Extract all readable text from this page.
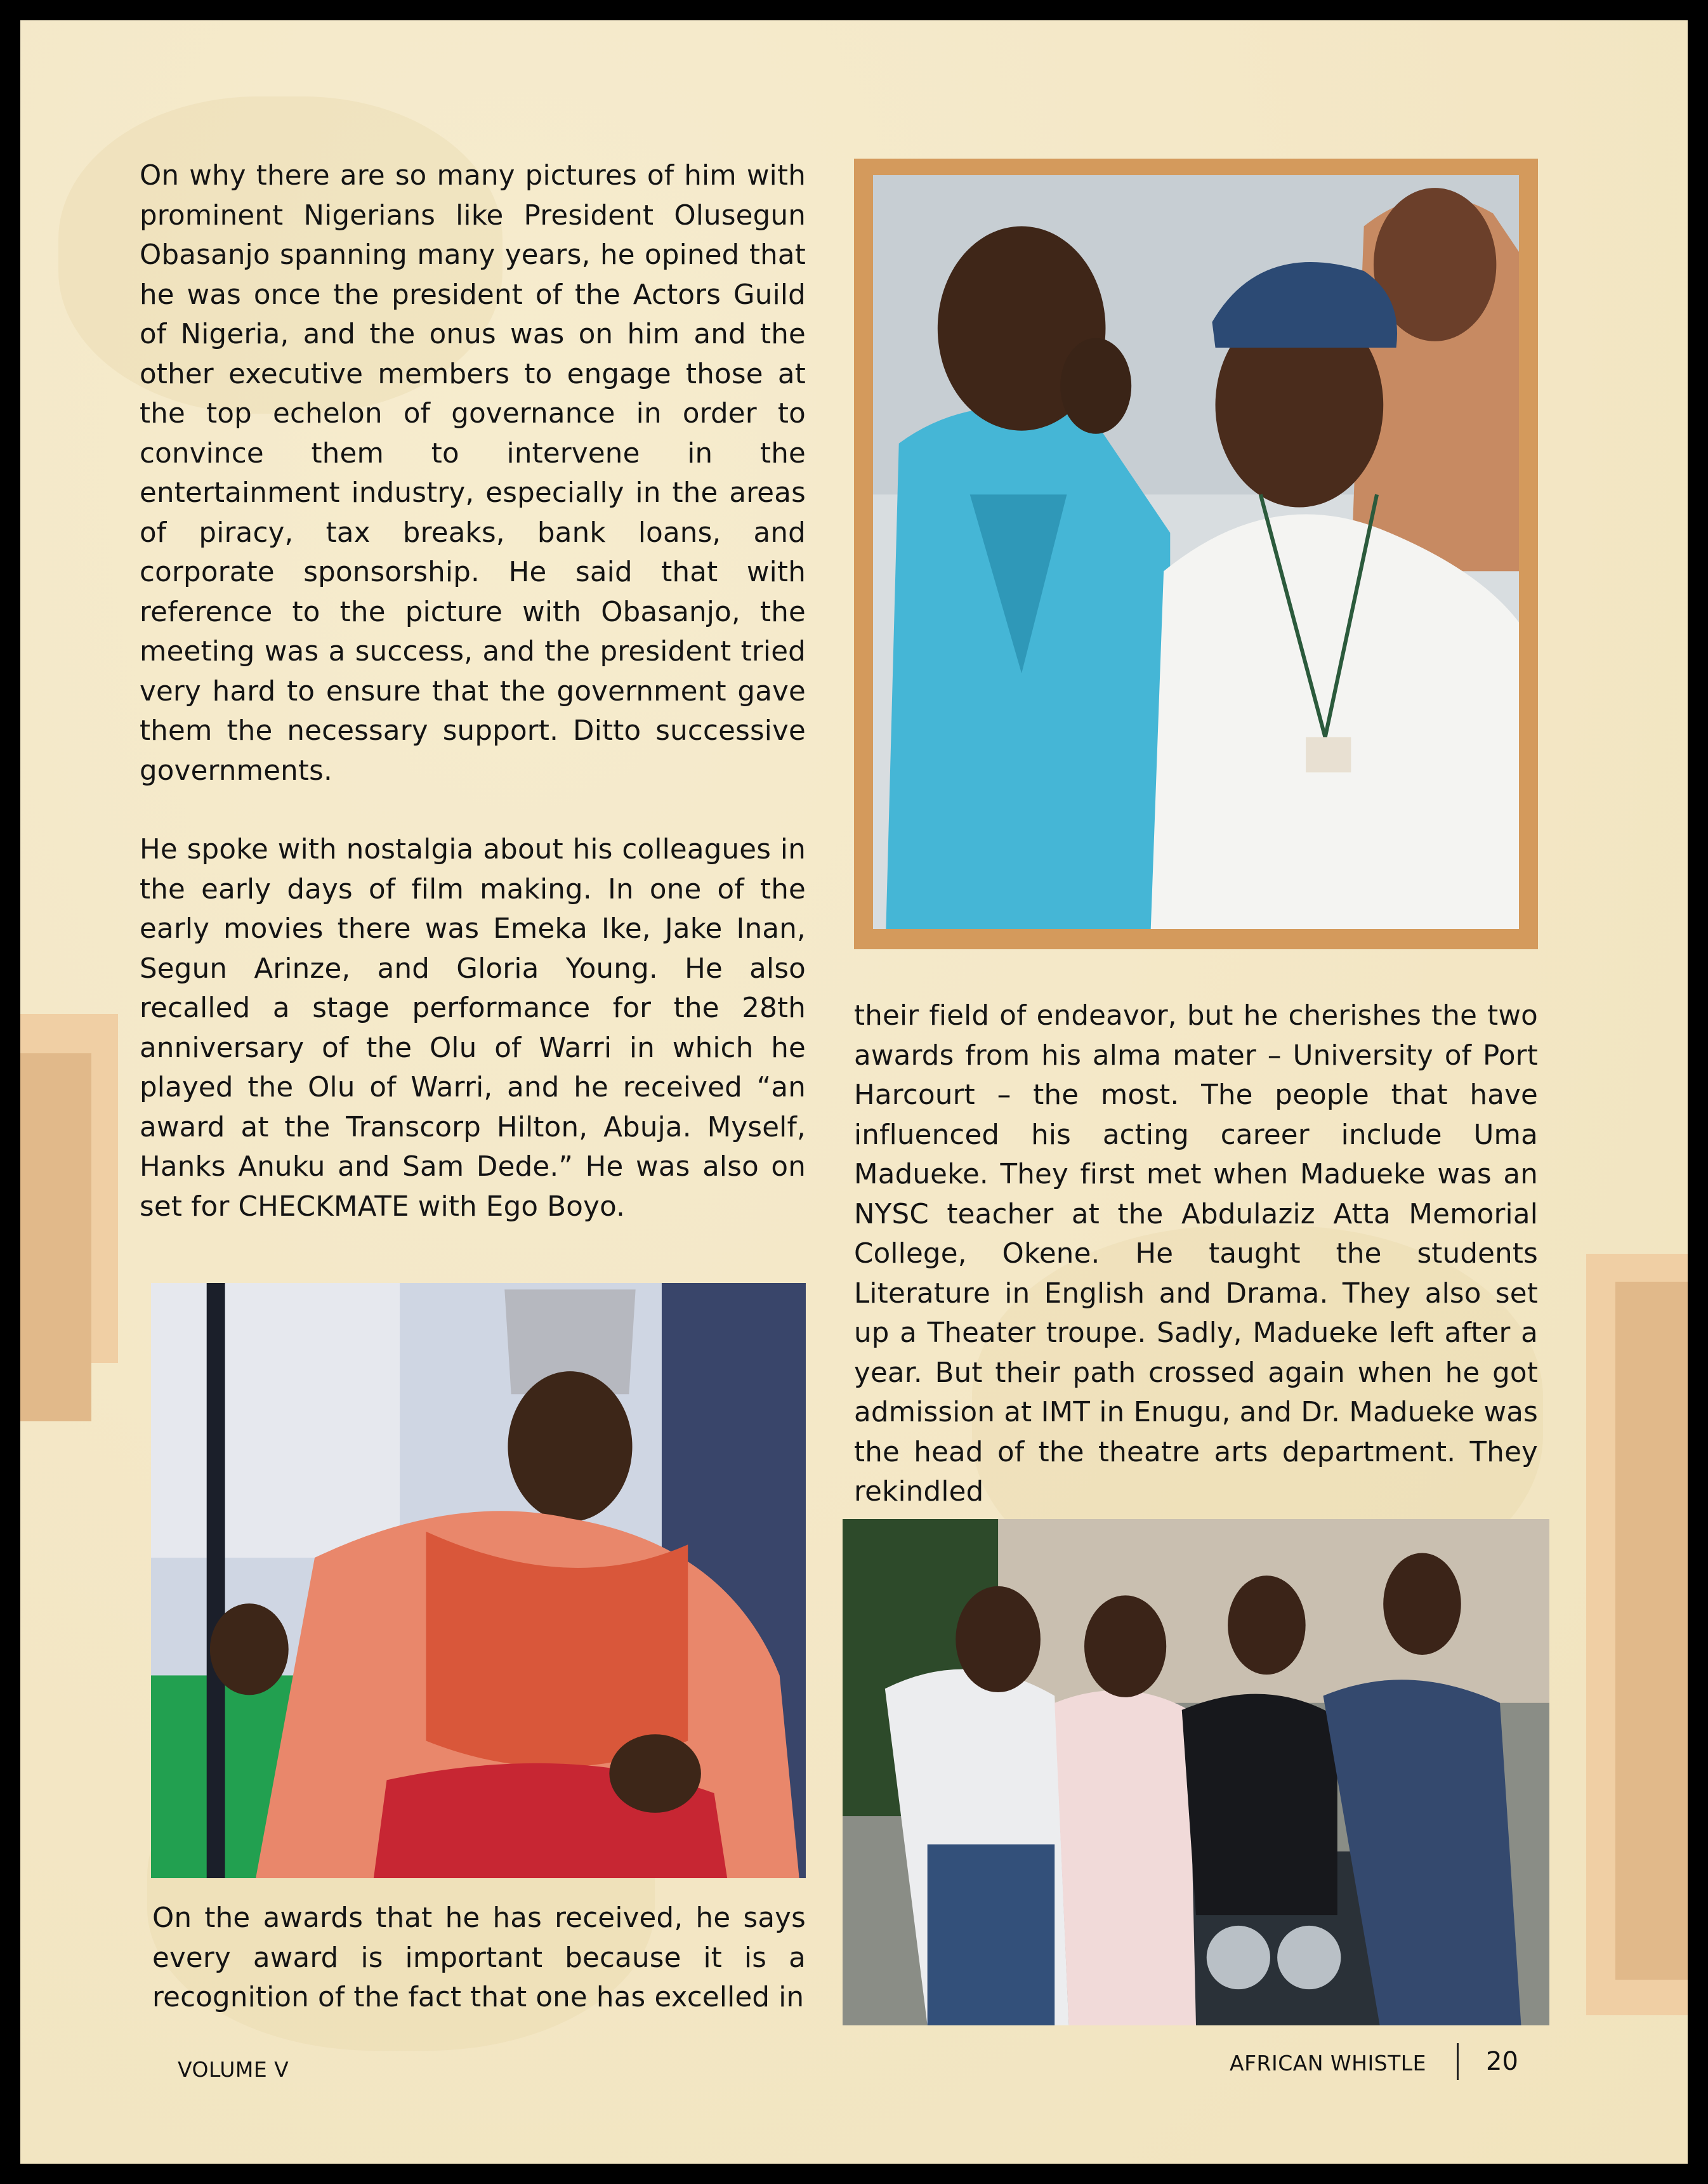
On why there are so many pictures of him with prominent Nigerians like President Olusegun Obasanjo spanning many years, he opined that he was once the president of the Actors Guild of Nigeria, and the onus was on him and the other executive members to engage those at the top echelon of governance in order to convince them to intervene in the entertainment industry, especially in the areas of piracy, tax breaks, bank loans, and corporate sponsorship. He said that with reference to the picture with Obasanjo, the meeting was a success, and the president tried very hard to ensure that the government gave them the necessary support. Ditto successive governments.

He spoke with nostalgia about his colleagues in the early days of film making. In one of the early movies there was Emeka Ike, Jake Inan, Segun Arinze, and Gloria Young. He also recalled a stage performance for the 28th anniversary of the Olu of Warri in which he played the Olu of Warri, and he received “an award at the Transcorp Hilton, Abuja. Myself, Hanks Anuku and Sam Dede.” He was also on set for CHECKMATE with Ego Boyo.

On the awards that he has received, he says every award is important because it is a recognition of the fact that one has excelled in

their field of endeavor, but he cherishes the two awards from his alma mater – University of Port Harcourt – the most. The people that have influenced his acting career include Uma Madueke. They first met when Madueke was an NYSC teacher at the Abdulaziz Atta Memorial College, Okene. He taught the students Literature in English and Drama. They also set up a Theater troupe. Sadly, Madueke left after a year. But their path crossed again when he got admission at IMT in Enugu, and Dr. Madueke was the head of the theatre arts department. They rekindled

VOLUME V	AFRICAN WHISTLE 20
